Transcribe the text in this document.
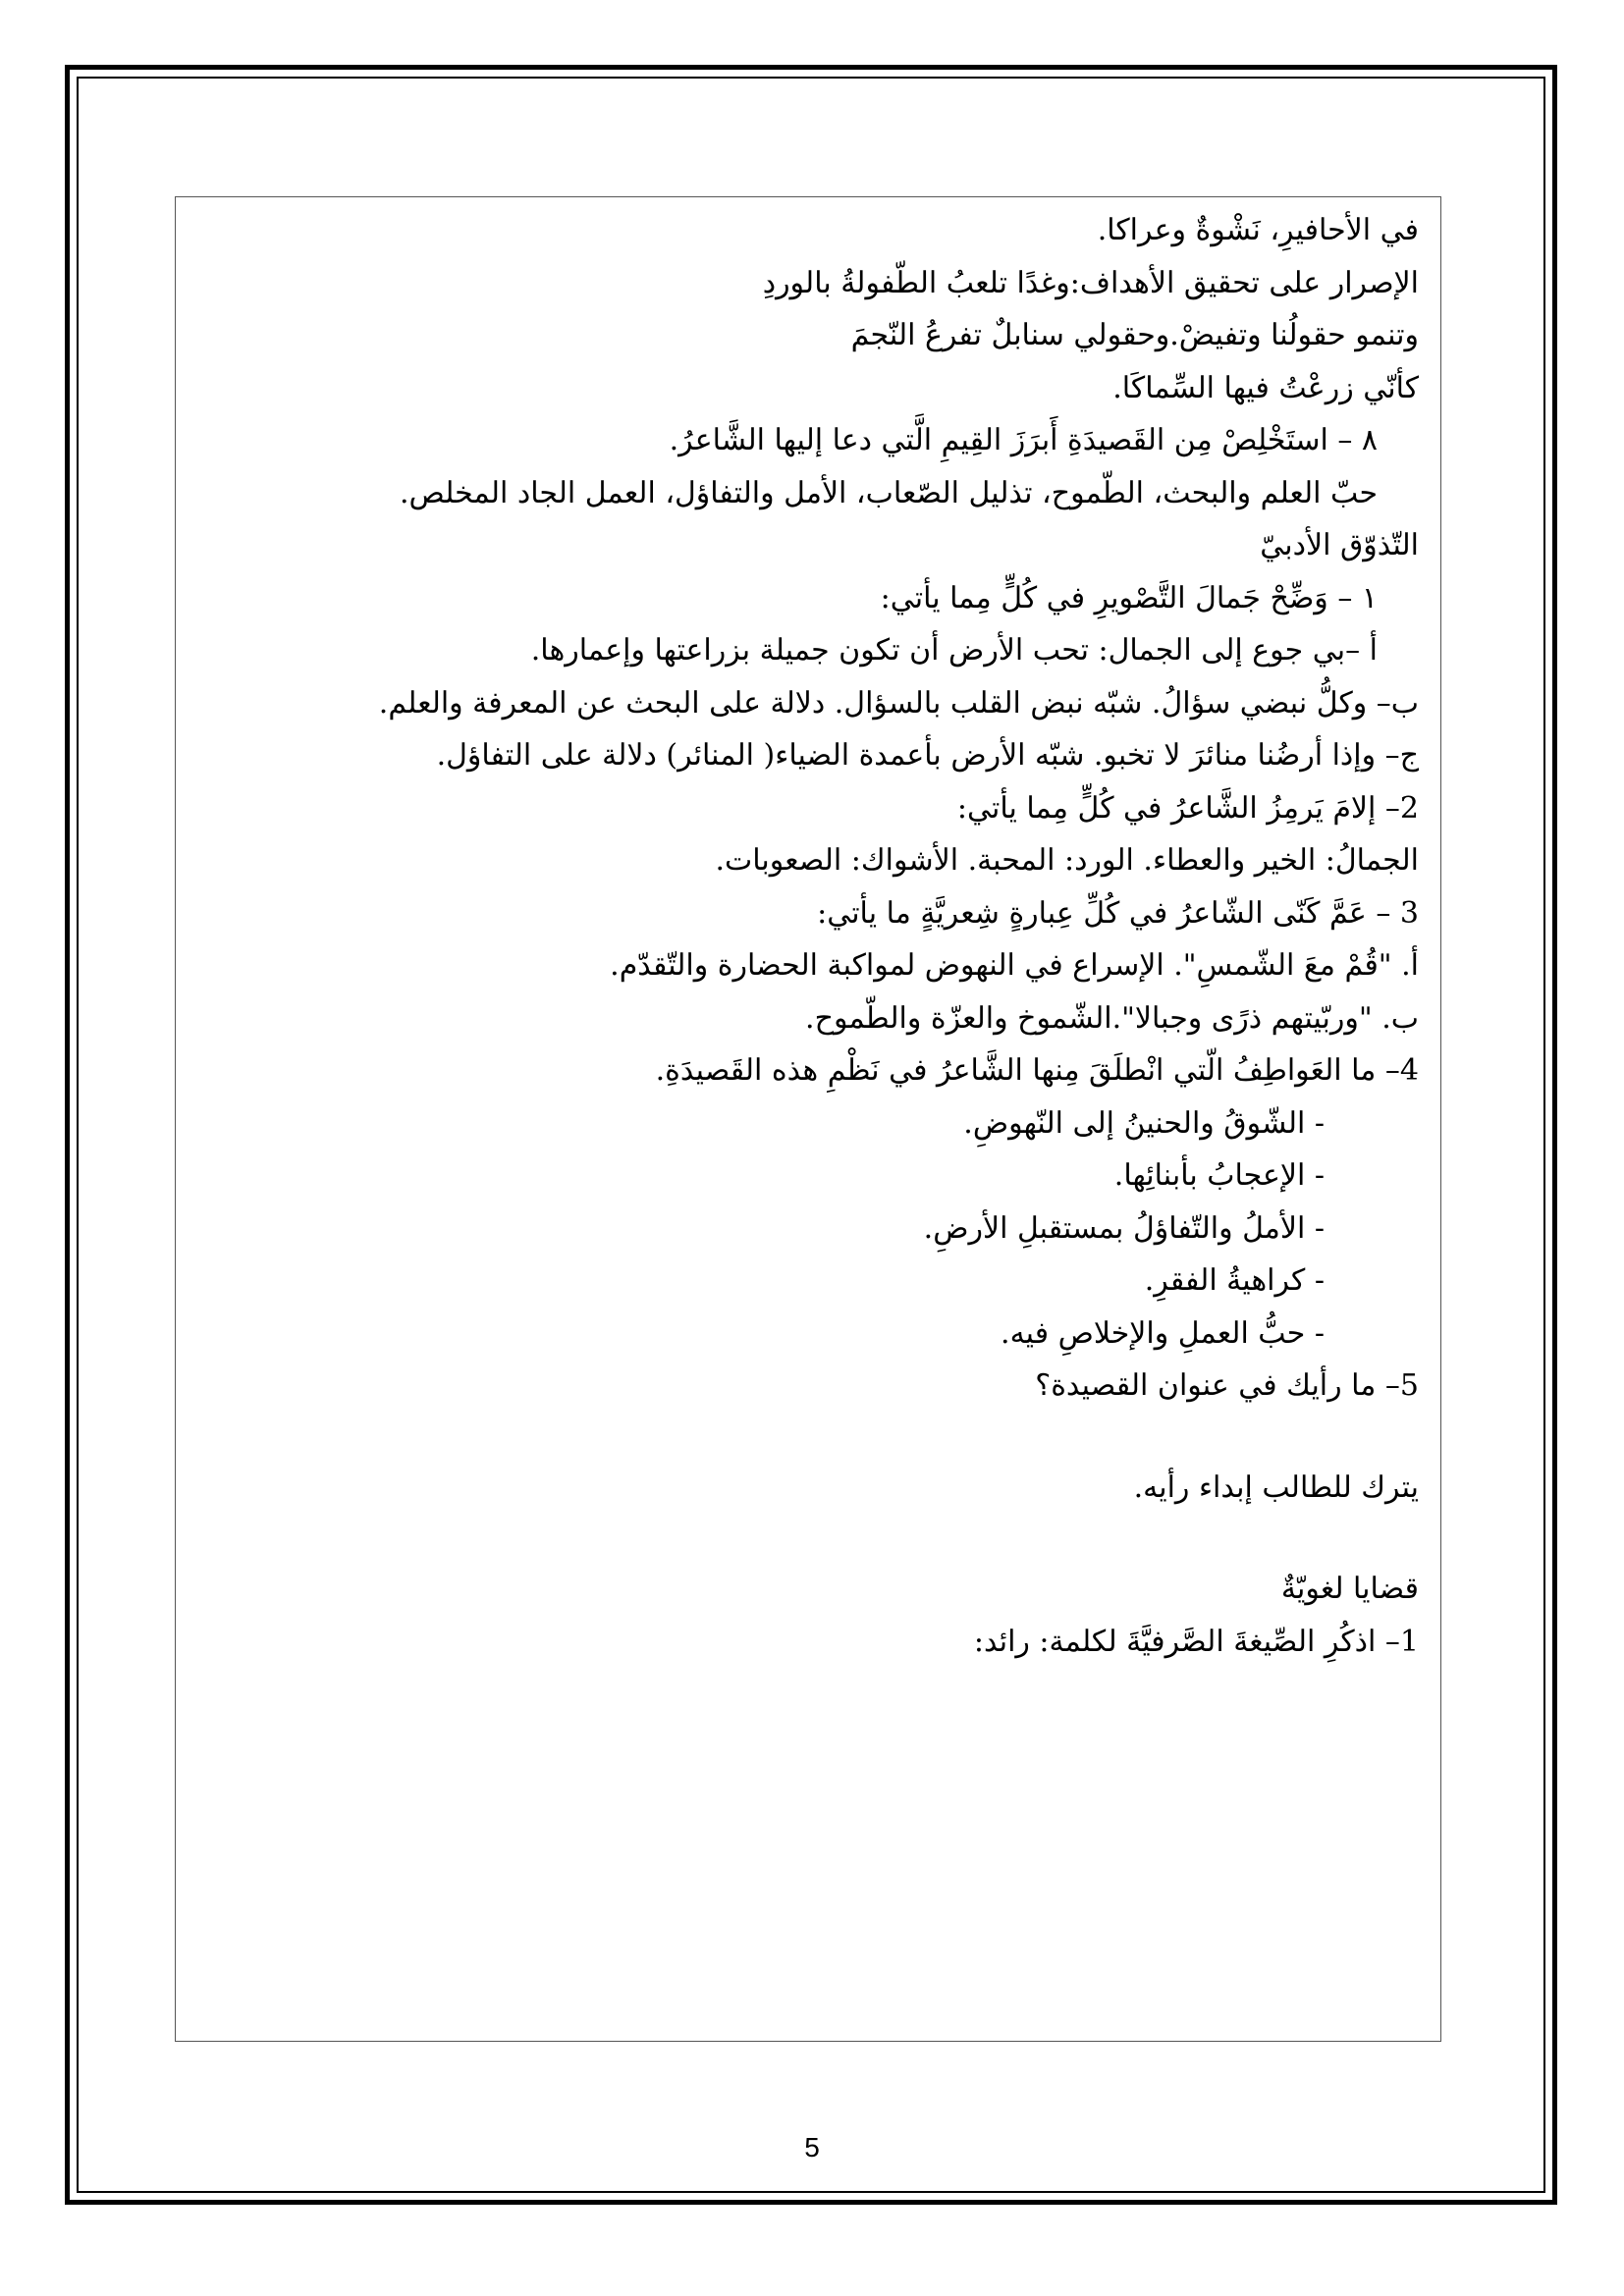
في الأحافيرِ، نَشْوةٌ وعراكا.
الإصرار على تحقيق الأهداف:وغدًا تلعبُ الطّفولةُ بالوردِ
وتنمو حقولُنا وتفيضْ.وحقولي سنابلٌ تفرعُ النّجمَ
كأنّي زرعْتُ فيها السِّماكَا.
٨ – استَخْلِصْ مِن القَصيدَةِ أَبرَزَ القِيمِ الَّتي دعا إليها الشَّاعرُ.
حبّ العلم والبحث، الطّموح، تذليل الصّعاب، الأمل والتفاؤل، العمل الجاد المخلص.
التّذوّق الأدبيّ
١ – وَضِّحْ جَمالَ التَّصْويرِ في كُلٍّ مِما يأتي:
أ –بي جوع إلى الجمال: تحب الأرض أن تكون جميلة بزراعتها وإعمارها.
ب– وكلُّ نبضي سؤالُ. شبّه نبض القلب بالسؤال. دلالة على البحث عن المعرفة والعلم.
ج– وإذا أرضُنا منائرَ لا تخبو. شبّه الأرض بأعمدة الضياء( المنائر) دلالة على التفاؤل.
2– إلامَ يَرمِزُ الشَّاعرُ في كُلٍّ مِما يأتي:
الجمالُ: الخير والعطاء. الورد: المحبة. الأشواك: الصعوبات.
3 – عَمَّ كَنّى الشّاعرُ في كُلِّ عِبارةٍ شِعريَّةٍ ما يأتي:
أ. "قُمْ معَ الشّمسِ". الإسراع في النهوض لمواكبة الحضارة والتّقدّم.
ب. "وربّيتهم ذرًى وجبالا".الشّموخ والعزّة والطّموح.
4– ما العَواطِفُ الّتي انْطلَقَ مِنها الشَّاعرُ في نَظْمِ هذه القَصيدَةِ.
- الشّوقُ والحنينُ إلى النّهوضِ.
- الإعجابُ بأبنائِها.
- الأملُ والتّفاؤلُ بمستقبلِ الأرضِ.
- كراهيةُ الفقرِ.
- حبُّ العملِ والإخلاصِ فيه.
5– ما رأيك في عنوان القصيدة؟
يترك للطالب إبداء رأيه.
قضايا لغويّةٌ
1– اذكُرِ الصِّيغةَ الصَّرفيَّةَ لكلمة: رائد:
5
